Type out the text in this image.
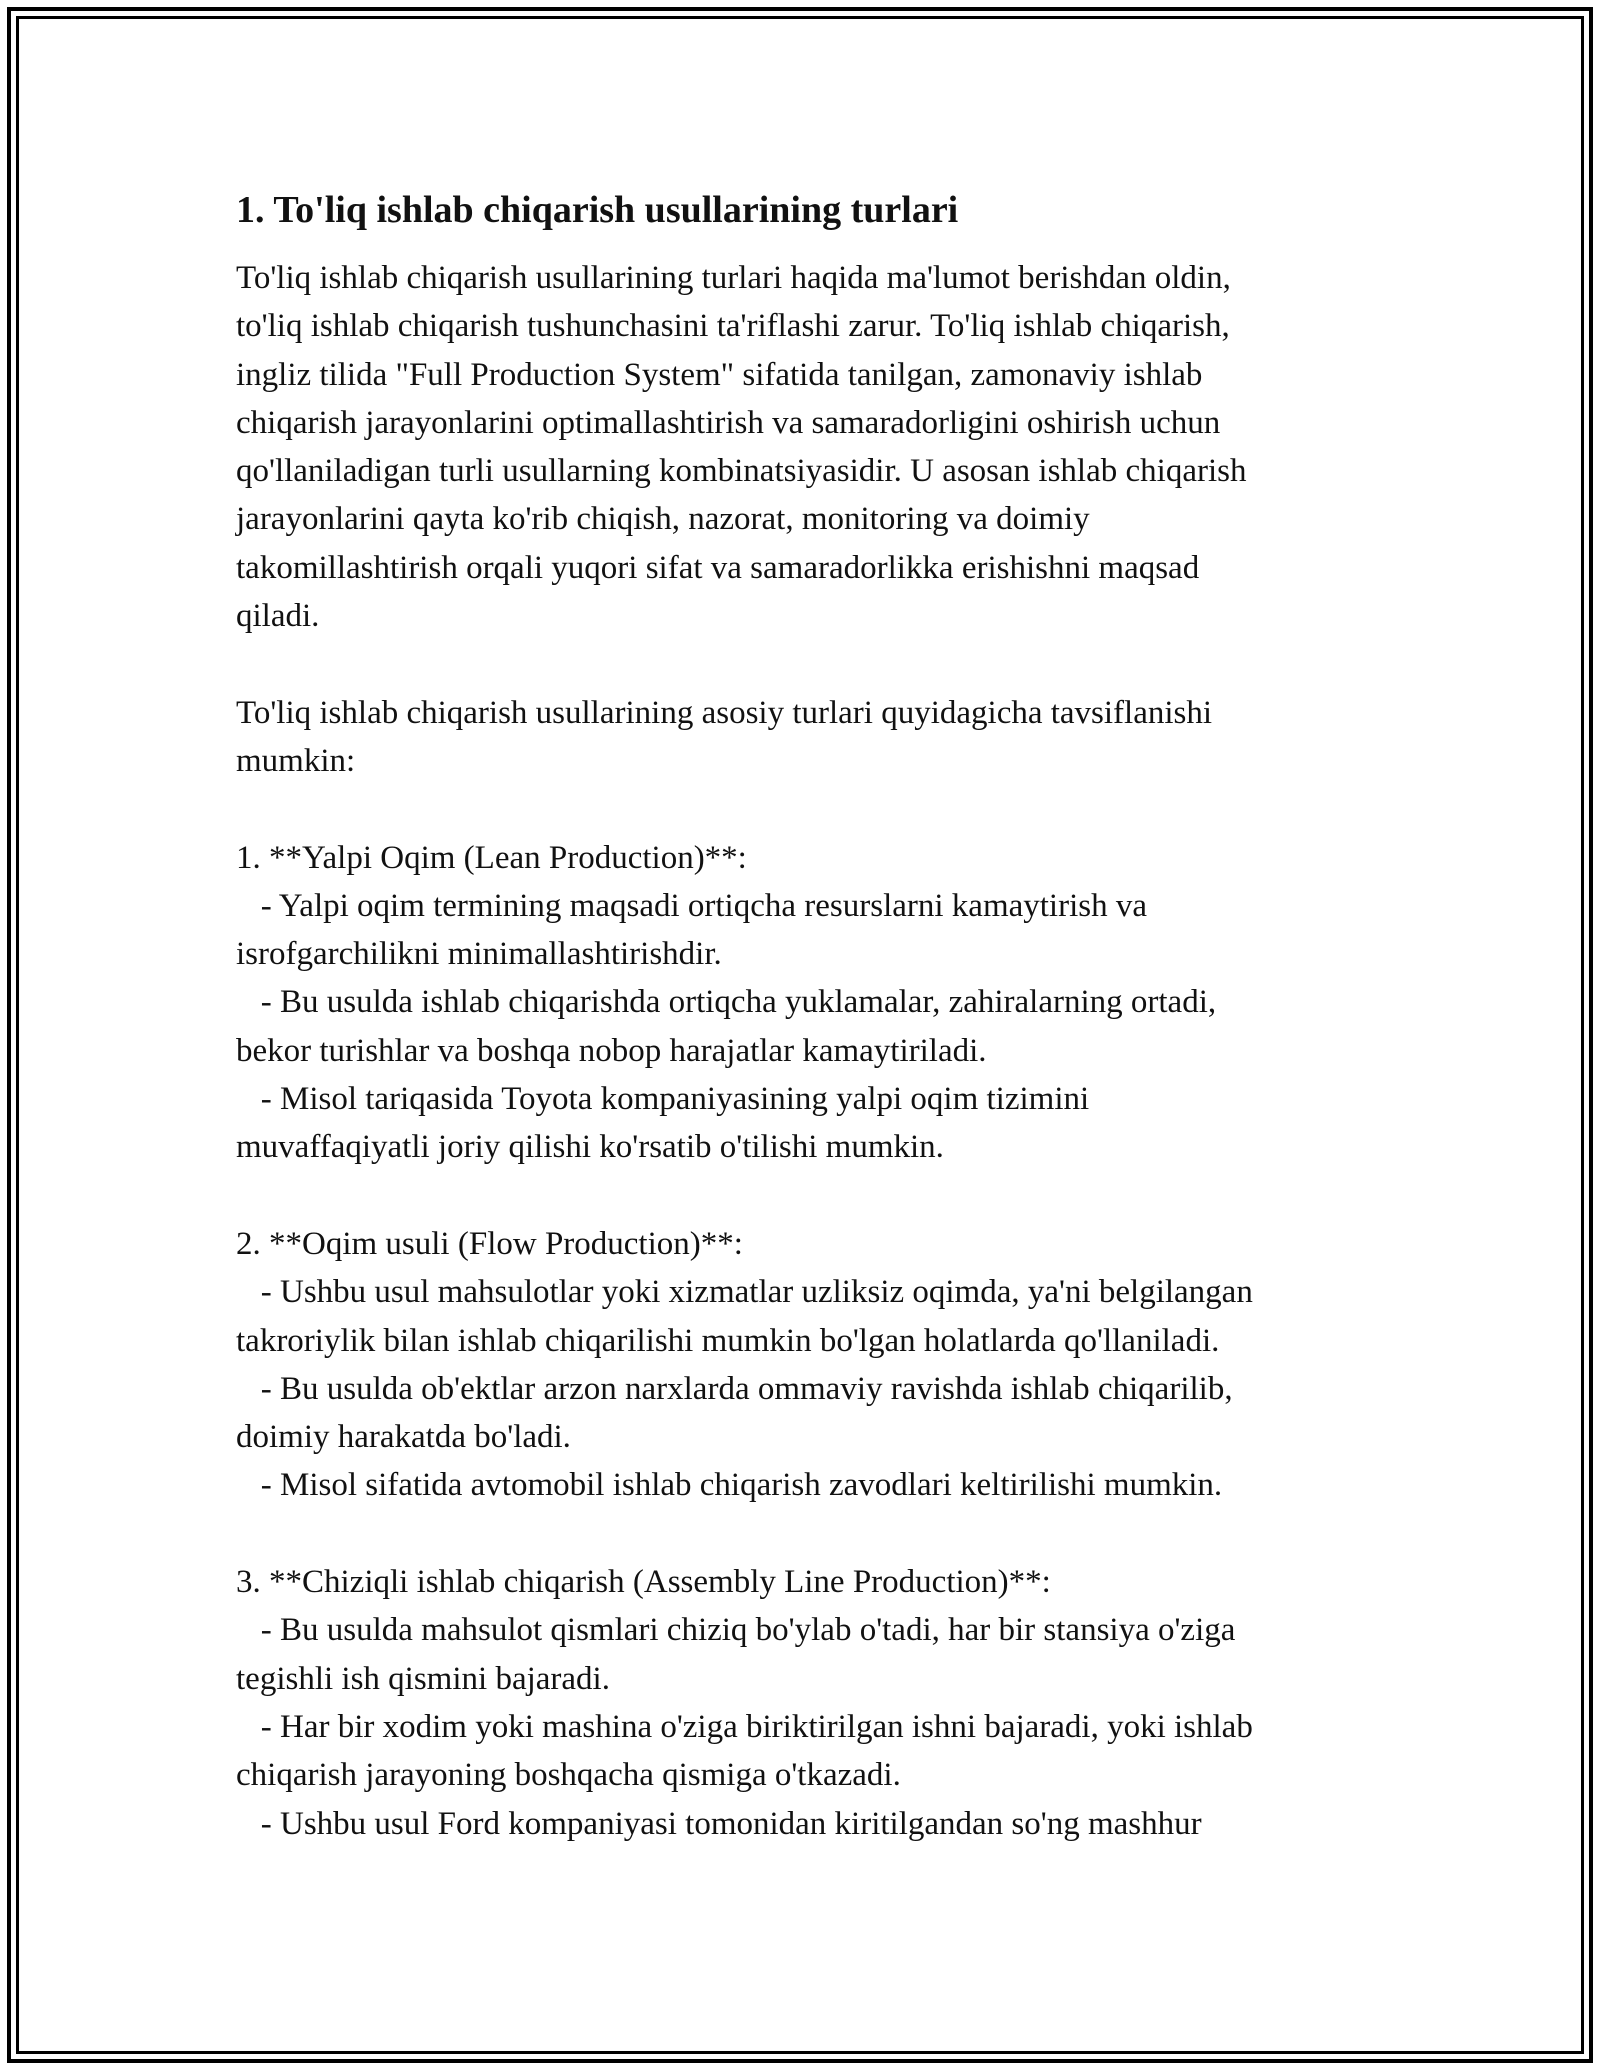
1. To'liq ishlab chiqarish usullarining turlari

To'liq ishlab chiqarish usullarining turlari haqida ma'lumot berishdan oldin,

to'liq ishlab chiqarish tushunchasini ta'riflashi zarur. To'liq ishlab chiqarish,

ingliz tilida "Full Production System" sifatida tanilgan, zamonaviy ishlab

chiqarish jarayonlarini optimallashtirish va samaradorligini oshirish uchun

qo'llaniladigan turli usullarning kombinatsiyasidir. U asosan ishlab chiqarish

jarayonlarini qayta ko'rib chiqish, nazorat, monitoring va doimiy

takomillashtirish orqali yuqori sifat va samaradorlikka erishishni maqsad

qiladi.

To'liq ishlab chiqarish usullarining asosiy turlari quyidagicha tavsiflanishi

mumkin:

1. **Yalpi Oqim (Lean Production)**:

- Yalpi oqim termining maqsadi ortiqcha resurslarni kamaytirish va

isrofgarchilikni minimallashtirishdir.

- Bu usulda ishlab chiqarishda ortiqcha yuklamalar, zahiralarning ortadi,

bekor turishlar va boshqa nobop harajatlar kamaytiriladi.

- Misol tariqasida Toyota kompaniyasining yalpi oqim tizimini

muvaffaqiyatli joriy qilishi ko'rsatib o'tilishi mumkin.

2. **Oqim usuli (Flow Production)**:

- Ushbu usul mahsulotlar yoki xizmatlar uzliksiz oqimda, ya'ni belgilangan

takroriylik bilan ishlab chiqarilishi mumkin bo'lgan holatlarda qo'llaniladi.

- Bu usulda ob'ektlar arzon narxlarda ommaviy ravishda ishlab chiqarilib,

doimiy harakatda bo'ladi.

- Misol sifatida avtomobil ishlab chiqarish zavodlari keltirilishi mumkin.

3. **Chiziqli ishlab chiqarish (Assembly Line Production)**:

- Bu usulda mahsulot qismlari chiziq bo'ylab o'tadi, har bir stansiya o'ziga

tegishli ish qismini bajaradi.

- Har bir xodim yoki mashina o'ziga biriktirilgan ishni bajaradi, yoki ishlab

chiqarish jarayoning boshqacha qismiga o'tkazadi.

- Ushbu usul Ford kompaniyasi tomonidan kiritilgandan so'ng mashhur
